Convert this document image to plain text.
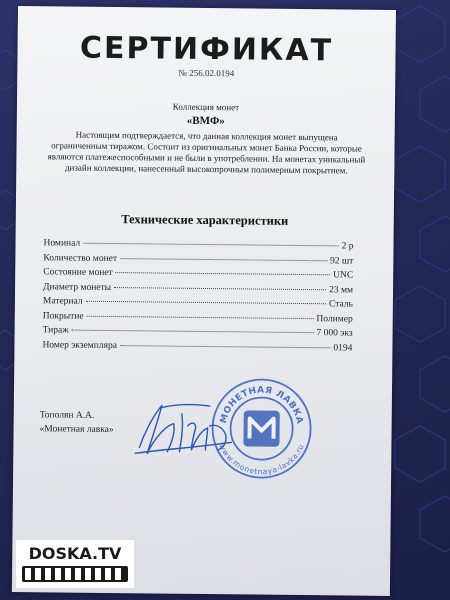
СЕРТИФИКАТ
№ 256.02.0194
Коллекция монет
«ВМФ»
Настоящим подтверждается, что данная коллекция монет выпущена ограниченным тиражом. Состоит из оригинальных монет Банка России, которые являются платежеспособными и не были в употреблении. На монетах уникальный дизайн коллекции, нанесенный высокопрочным полимерным покрытием.
Технические характеристики
Номинал	2 р
Количество монет	92 шт
Состояние монет	UNC
Диаметр монеты	23 мм
Материал	Сталь
Покрытие	Полимер
Тираж	7 000 экз
Номер экземпляра	0194
Тополян А.А.
«Монетная лавка»
МОНЕТНАЯ ЛАВКА
www.monetnaya-lavka.ru
DOSKA.TV
